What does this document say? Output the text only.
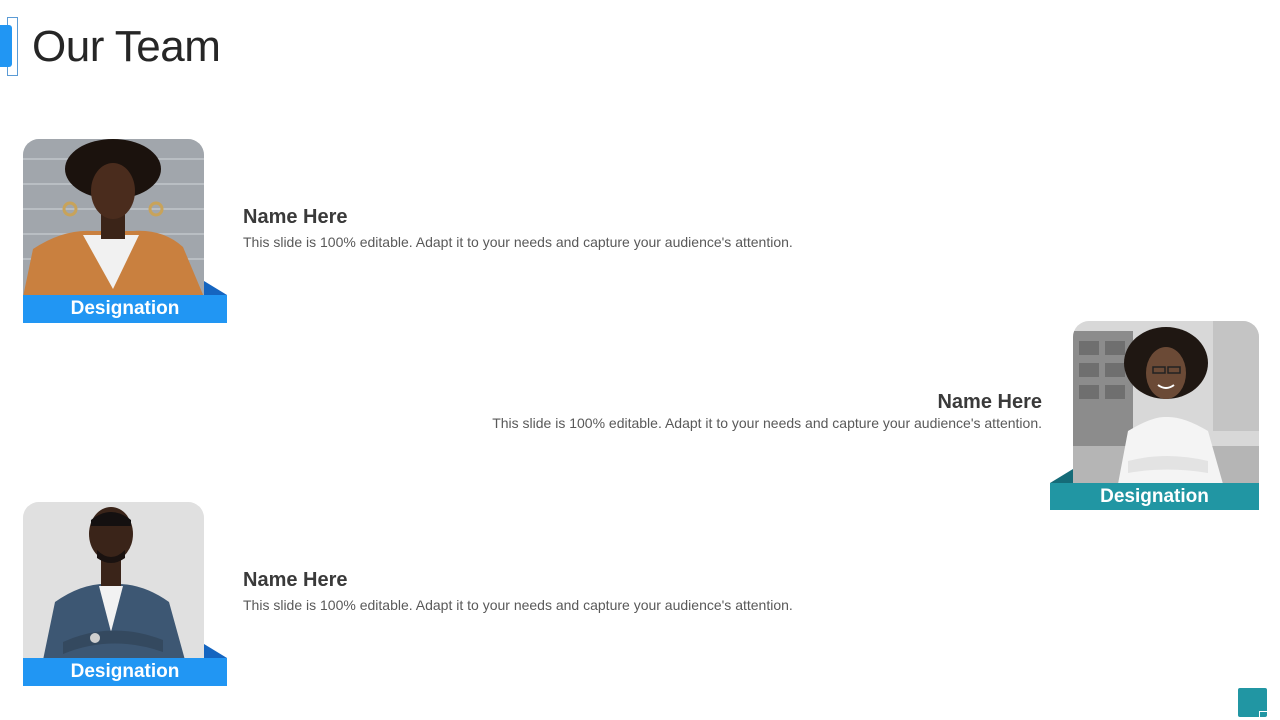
Our Team
Designation
Name Here
This slide is 100% editable. Adapt it to your needs and capture your audience's attention.
Designation
Name Here
This slide is 100% editable. Adapt it to your needs and capture your audience's attention.
Designation
Name Here
This slide is 100% editable. Adapt it to your needs and capture your audience's attention.
